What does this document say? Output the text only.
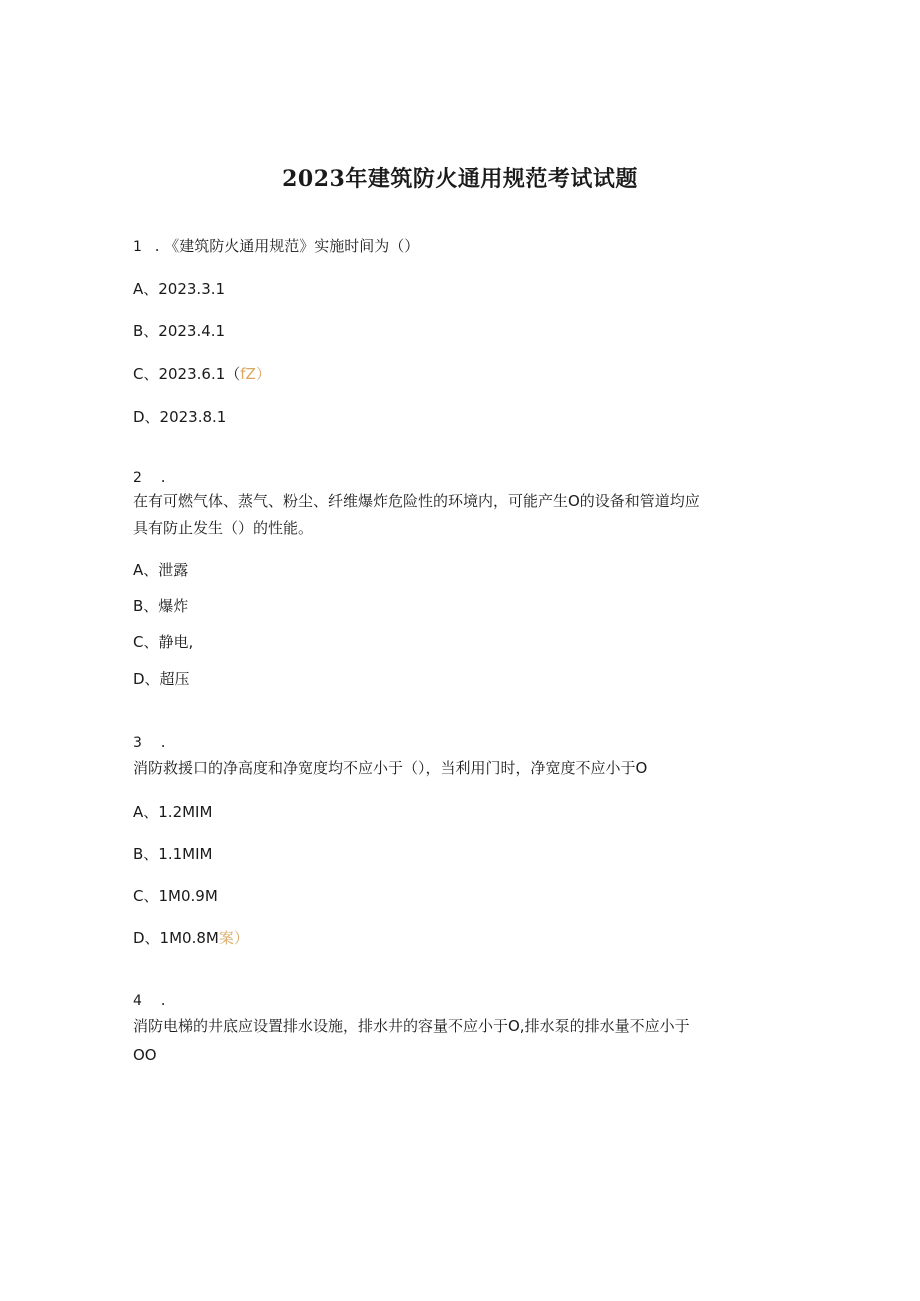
2023年建筑防火通用规范考试试题
1 . 《建筑防火通用规范》实施时间为（）
A、2023.3.1
B、2023.4.1
C、2023.6.1（fZ）
D、2023.8.1
2 .
在有可燃气体、蒸气、粉尘、纤维爆炸危险性的环境内，可能产生O的设备和管道均应
具有防止发生（）的性能。
A、泄露
B、爆炸
C、静电,
D、超压
3 .
消防救援口的净高度和净宽度均不应小于（），当利用门时，净宽度不应小于O
A、1.2MIM
B、1.1MIM
C、1M0.9M
D、1M0.8M案）
4 .
消防电梯的井底应设置排水设施，排水井的容量不应小于O,排水泵的排水量不应小于
OO
